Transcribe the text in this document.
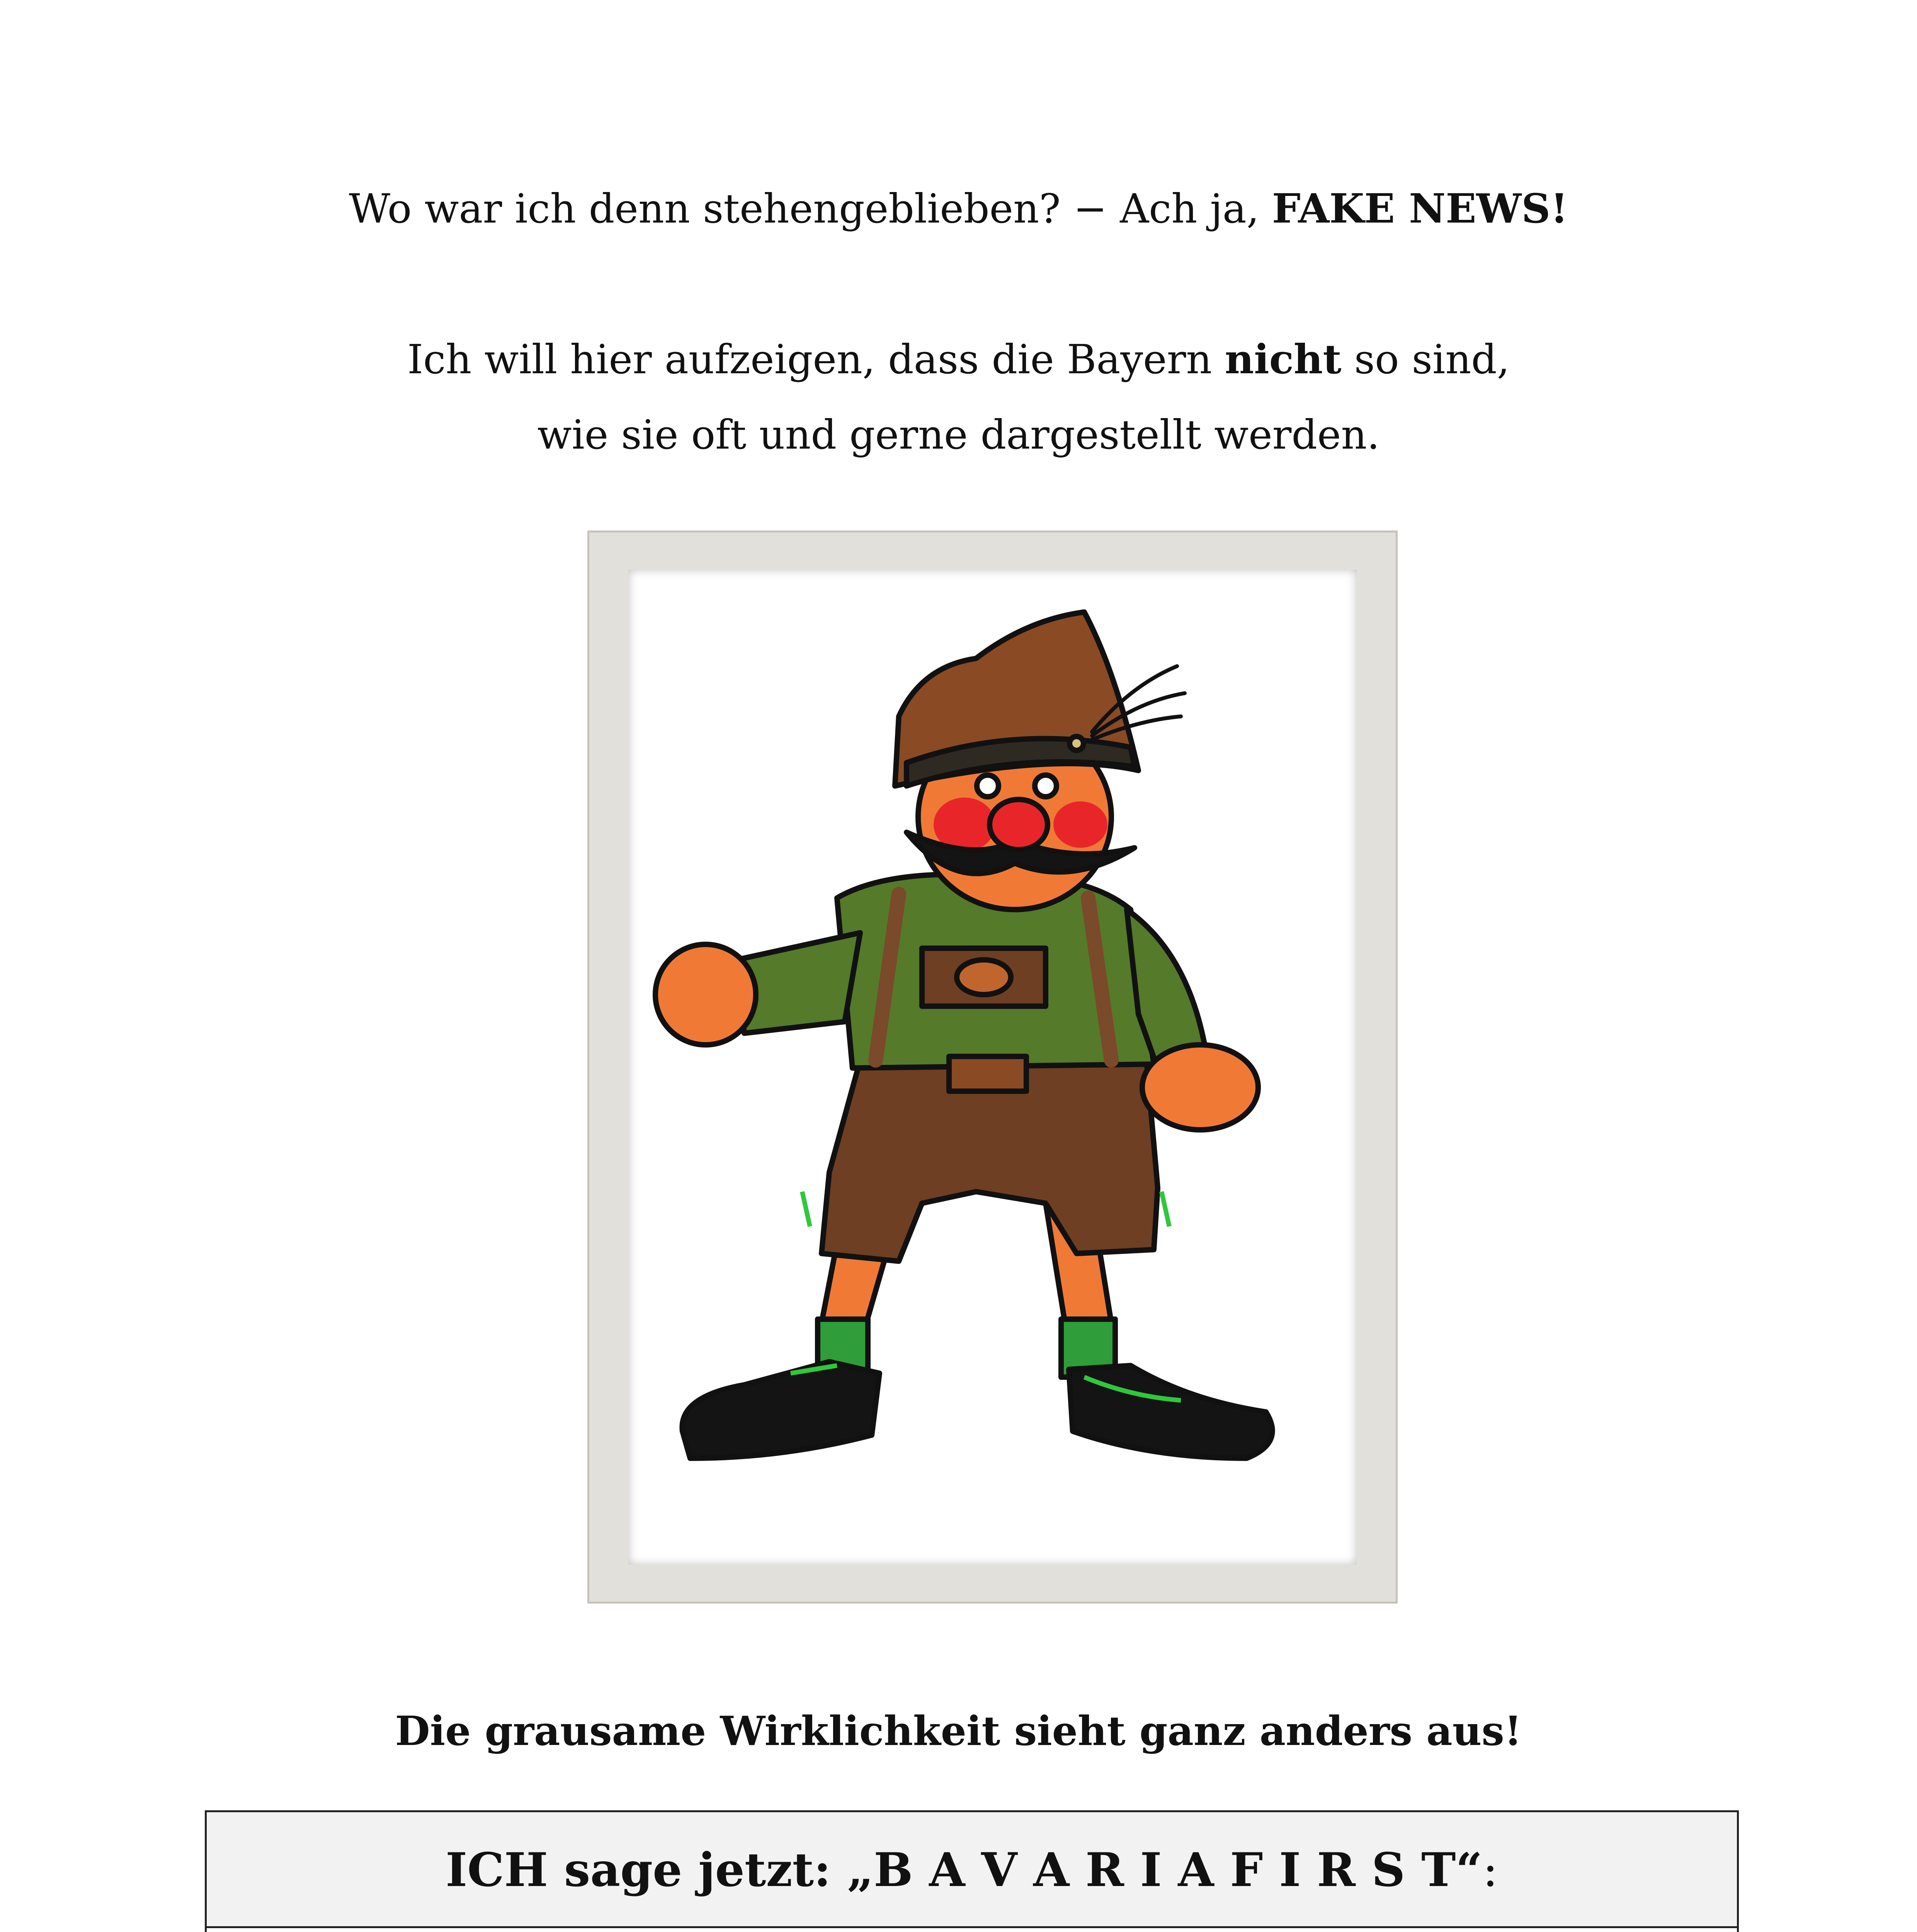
Wo war ich denn stehengeblieben? − Ach ja, FAKE NEWS!
Ich will hier aufzeigen, dass die Bayern nicht so sind,
wie sie oft und gerne dargestellt werden.
Die grausame Wirklichkeit sieht ganz anders aus!
ICH sage jetzt: „B A V A R I A F I R S T“:
